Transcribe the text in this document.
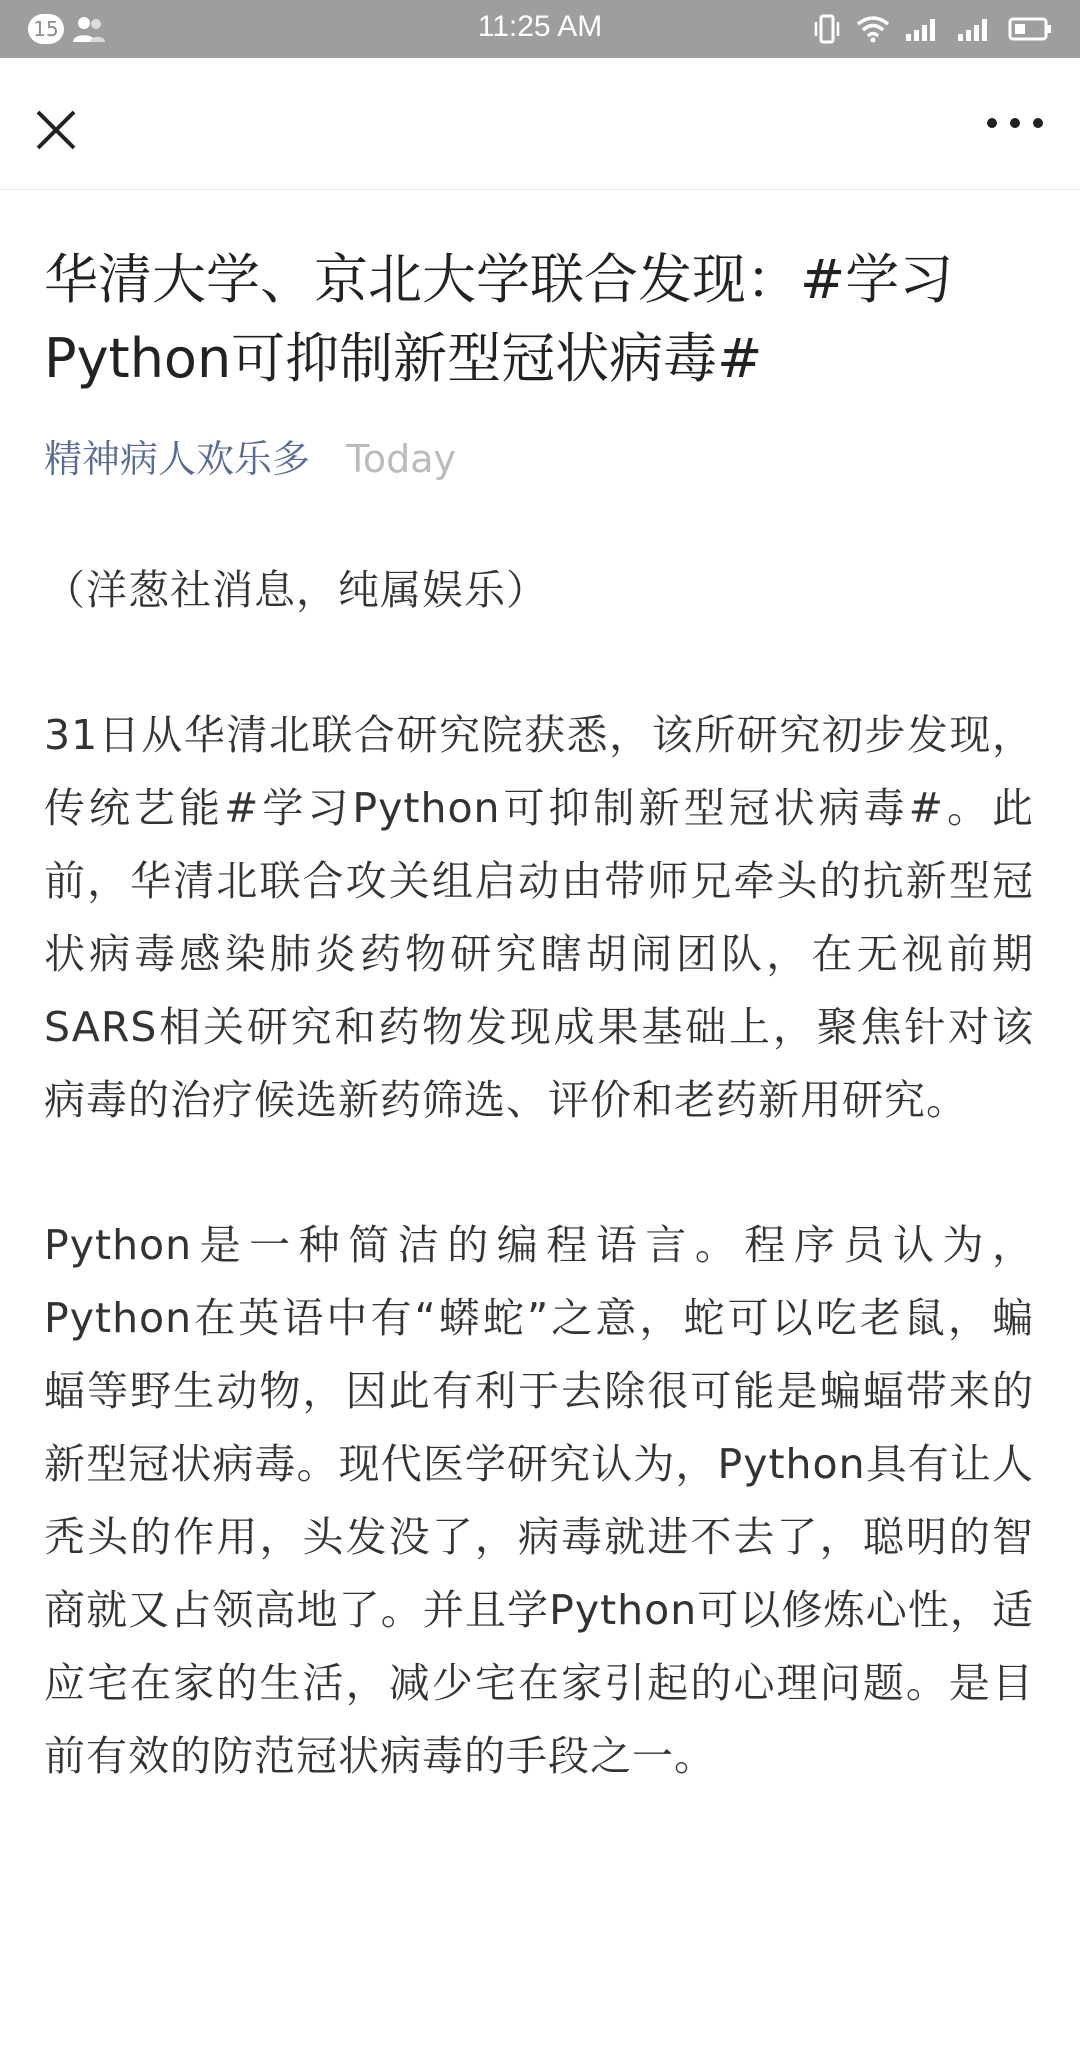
15	11:25 AM
华清大学、京北大学联合发现：#学习Python可抑制新型冠状病毒#
精神病人欢乐多 Today

（洋葱社消息，纯属娱乐）

31日从华清北联合研究院获悉，该所研究初步发现，传统艺能#学习Python可抑制新型冠状病毒#。此前，华清北联合攻关组启动由带师兄牵头的抗新型冠状病毒感染肺炎药物研究瞎胡闹团队，在无视前期SARS相关研究和药物发现成果基础上，聚焦针对该病毒的治疗候选新药筛选、评价和老药新用研究。

Python是一种简洁的编程语言。程序员认为，Python在英语中有“蟒蛇”之意，蛇可以吃老鼠，蝙蝠等野生动物，因此有利于去除很可能是蝙蝠带来的新型冠状病毒。现代医学研究认为，Python具有让人秃头的作用，头发没了，病毒就进不去了，聪明的智商就又占领高地了。并且学Python可以修炼心性，适应宅在家的生活，减少宅在家引起的心理问题。是目前有效的防范冠状病毒的手段之一。
